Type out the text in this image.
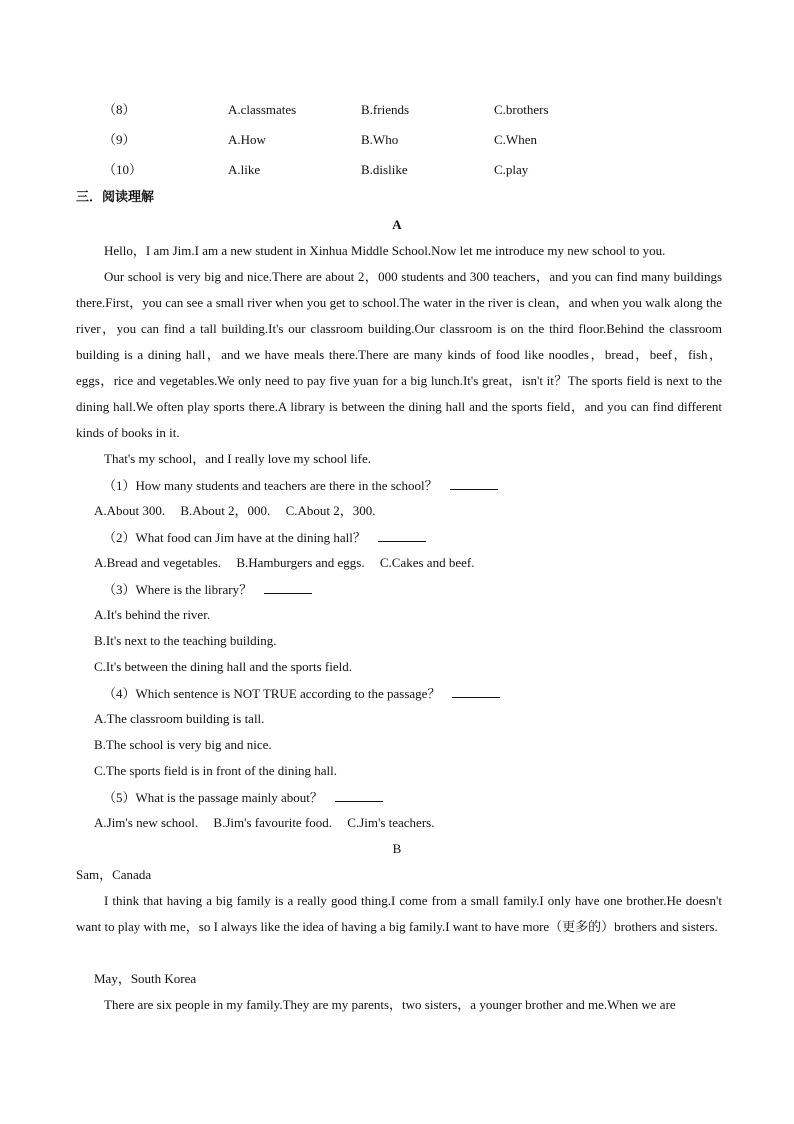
（8）	A.classmates	B.friends	C.brothers
（9）	A.How	B.Who	C.When
（10）	A.like	B.dislike	C.play
三．阅读理解
A
Hello，I am Jim.I am a new student in Xinhua Middle School.Now let me introduce my new school to you.
Our school is very big and nice.There are about 2，000 students and 300 teachers，and you can find many buildings there.First，you can see a small river when you get to school.The water in the river is clean，and when you walk along the river，you can find a tall building.It's our classroom building.Our classroom is on the third floor.Behind the classroom building is a dining hall，and we have meals there.There are many kinds of food like noodles，bread，beef，fish，eggs，rice and vegetables.We only need to pay five yuan for a big lunch.It's great，isn't it？The sports field is next to the dining hall.We often play sports there.A library is between the dining hall and the sports field，and you can find different kinds of books in it.
That's my school，and I really love my school life.
（1）How many students and teachers are there in the school？
A.About 300. B.About 2，000. C.About 2，300.
（2）What food can Jim have at the dining hall？
A.Bread and vegetables. B.Hamburgers and eggs. C.Cakes and beef.
（3）Where is the library？
A.It's behind the river.
B.It's next to the teaching building.
C.It's between the dining hall and the sports field.
（4）Which sentence is NOT TRUE according to the passage？
A.The classroom building is tall.
B.The school is very big and nice.
C.The sports field is in front of the dining hall.
（5）What is the passage mainly about？
A.Jim's new school. B.Jim's favourite food. C.Jim's teachers.
B
Sam，Canada
I think that having a big family is a really good thing.I come from a small family.I only have one brother.He doesn't want to play with me，so I always like the idea of having a big family.I want to have more（更多的）brothers and sisters.
May，South Korea
There are six people in my family.They are my parents，two sisters，a younger brother and me.When we are
